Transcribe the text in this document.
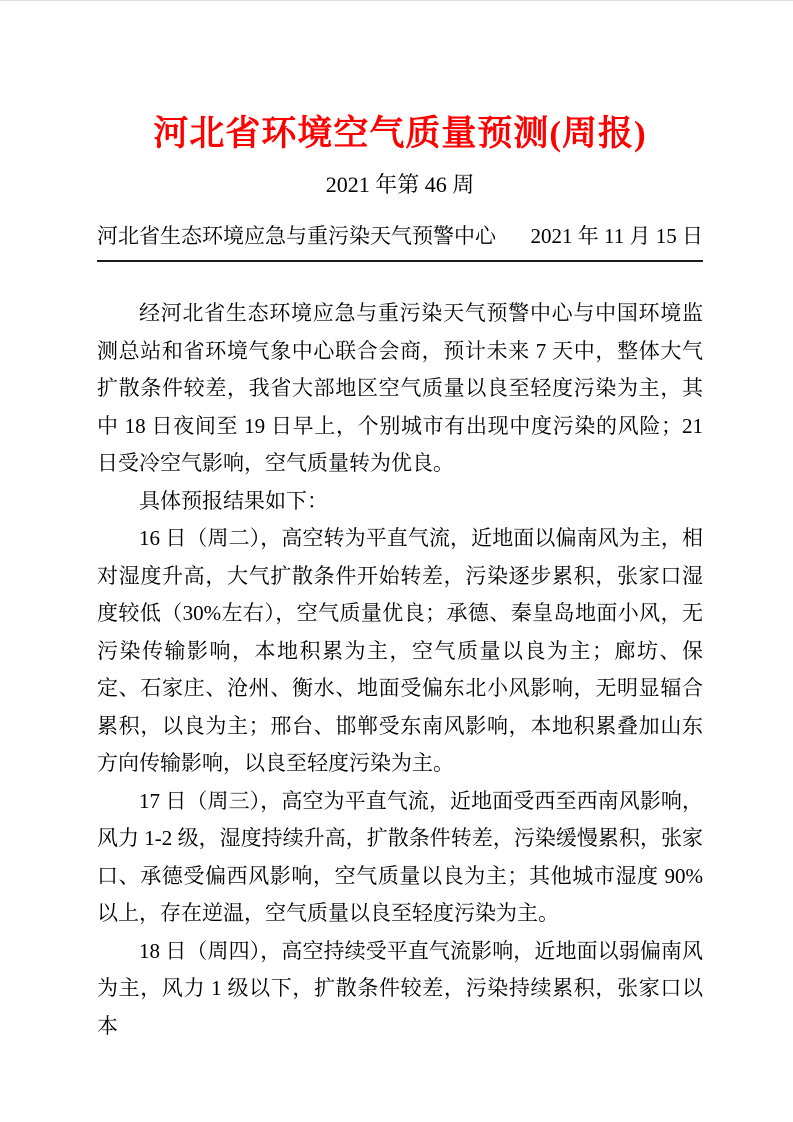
河北省环境空气质量预测(周报)
2021 年第 46 周
河北省生态环境应急与重污染天气预警中心 2021 年 11 月 15 日

经河北省生态环境应急与重污染天气预警中心与中国环境监测总站和省环境气象中心联合会商，预计未来 7 天中，整体大气扩散条件较差，我省大部地区空气质量以良至轻度污染为主，其中 18 日夜间至 19 日早上，个别城市有出现中度污染的风险；21 日受冷空气影响，空气质量转为优良。

具体预报结果如下：

16 日（周二），高空转为平直气流，近地面以偏南风为主，相对湿度升高，大气扩散条件开始转差，污染逐步累积，张家口湿度较低（30%左右），空气质量优良；承德、秦皇岛地面小风，无污染传输影响，本地积累为主，空气质量以良为主；廊坊、保定、石家庄、沧州、衡水、地面受偏东北小风影响，无明显辐合累积，以良为主；邢台、邯郸受东南风影响，本地积累叠加山东方向传输影响，以良至轻度污染为主。

17 日（周三），高空为平直气流，近地面受西至西南风影响，风力 1-2 级，湿度持续升高，扩散条件转差，污染缓慢累积，张家口、承德受偏西风影响，空气质量以良为主；其他城市湿度 90%以上，存在逆温，空气质量以良至轻度污染为主。

18 日（周四），高空持续受平直气流影响，近地面以弱偏南风为主，风力 1 级以下，扩散条件较差，污染持续累积，张家口以本
